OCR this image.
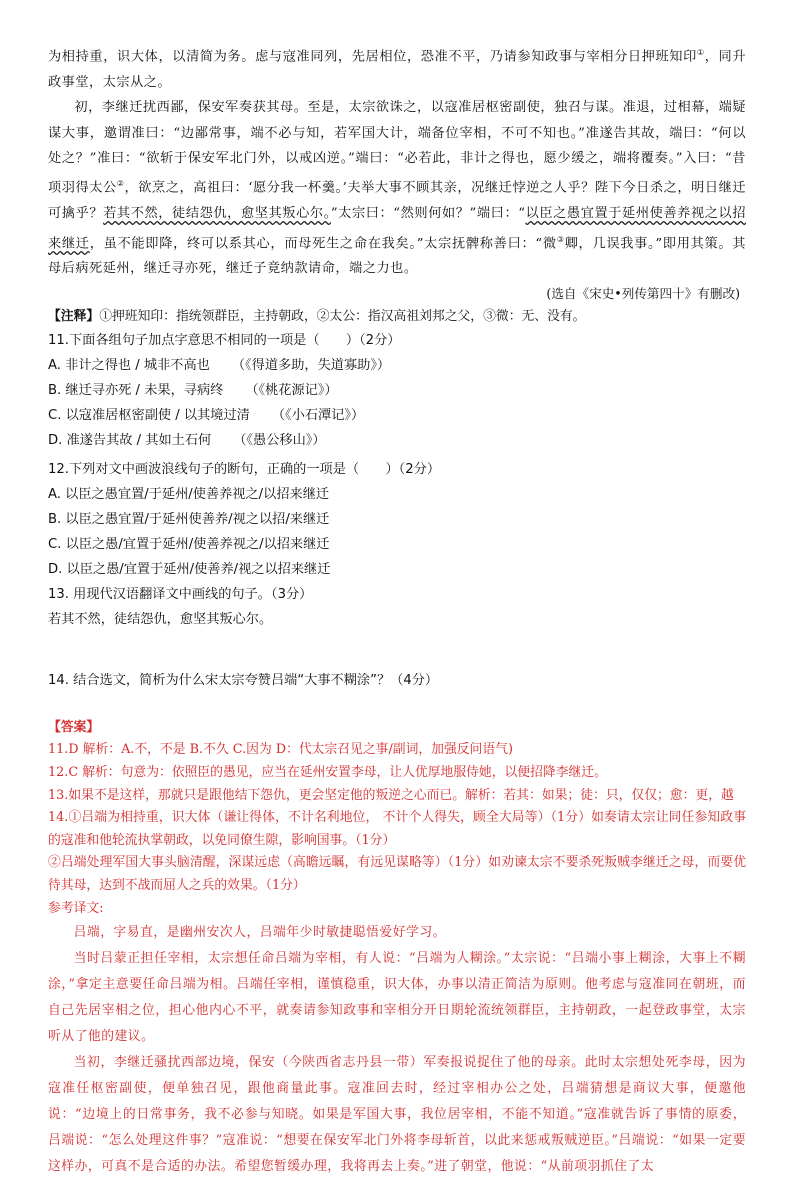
为相持重，识大体，以清简为务。虑与寇准同列，先居相位，恐准不平，乃请参知政事与宰相分日押班知印①，同升政事堂，太宗从之。

初，李继迁扰西鄙，保安军奏获其母。至是，太宗欲诛之，以寇准居枢密副使，独召与谋。准退，过相幕，端疑谋大事，邀谓准曰：“边鄙常事，端不必与知，若军国大计，端备位宰相，不可不知也。”准遂告其故，端曰：“何以处之？”准曰：“欲斩于保安军北门外，以戒凶逆。”端曰：“必若此，非计之得也，愿少缓之，端将覆奏。”入曰：“昔项羽得太公②，欲烹之，高祖曰：‘愿分我一杯羹。’夫举大事不顾其亲，况继迁悖逆之人乎？陛下今日杀之，明日继迁可擒乎？若其不然，徒结怨仇，愈坚其叛心尔。”太宗曰：“然则何如？”端曰：“以臣之愚宜置于延州使善养视之以招来继迁，虽不能即降，终可以系其心，而母死生之命在我矣。”太宗抚髀称善曰：“微③卿，几误我事。”即用其策。其母后病死延州，继迁寻亦死，继迁子竟纳款请命，端之力也。

(选自《宋史•列传第四十》有删改)

【注释】①押班知印：指统领群臣，主持朝政，②太公：指汉高祖刘邦之父，③微：无、没有。

11.下面各组句子加点字意思不相同的一项是（　　）（2分）

A. 非计之得也 / 城非不高也 （《得道多助，失道寡助》）

B. 继迁寻亦死 / 未果，寻病终 （《桃花源记》）

C. 以寇准居枢密副使 / 以其境过清 （《小石潭记》）

D. 准遂告其故 / 其如土石何 （《愚公移山》）

12.下列对文中画波浪线句子的断句，正确的一项是（　　）（2分）

A. 以臣之愚宜置/于延州/使善养视之/以招来继迁

B. 以臣之愚宜置/于延州使善养/视之以招/来继迁

C. 以臣之愚/宜置于延州/使善养视之/以招来继迁

D. 以臣之愚/宜置于延州/使善养/视之以招来继迁

13. 用现代汉语翻译文中画线的句子。（3分）

若其不然，徒结怨仇，愈坚其叛心尔。

14. 结合选文，简析为什么宋太宗夸赞吕端“大事不糊涂”？（4分）

【答案】

11.D 解析：A.不，不是 B.不久 C.因为 D：代太宗召见之事/副词，加强反问语气)

12.C 解析：句意为：依照臣的愚见，应当在延州安置李母，让人优厚地服侍她，以便招降李继迁。

13.如果不是这样，那就只是跟他结下怨仇，更会坚定他的叛逆之心而已。解析：若其：如果；徒：只，仅仅；愈：更，越

14.①吕端为相持重，识大体（谦让得体，不计名利地位， 不计个人得失，顾全大局等）（1分）如奏请太宗让同任参知政事的寇准和他轮流执掌朝政，以免同僚生隙，影响国事。（1分）

②吕端处理军国大事头脑清醒，深谋远虑（高瞻远瞩，有远见谋略等）（1分）如劝谏太宗不要杀死叛贼李继迁之母，而要优待其母，达到不战而屈人之兵的效果。（1分）

参考译文:

吕端，字易直，是幽州安次人，吕端年少时敏捷聪悟爱好学习。

当时吕蒙正担任宰相，太宗想任命吕端为宰相，有人说：“吕端为人糊涂。”太宗说：“吕端小事上糊涂，大事上不糊涂，”拿定主意要任命吕端为相。吕端任宰相，谨慎稳重，识大体，办事以清正简洁为原则。他考虑与寇准同在朝班，而自己先居宰相之位，担心他内心不平，就奏请参知政事和宰相分开日期轮流统领群臣，主持朝政，一起登政事堂，太宗听从了他的建议。

当初，李继迁骚扰西部边境，保安（今陕西省志丹县一带）军奏报说捉住了他的母亲。此时太宗想处死李母，因为寇准任枢密副使，便单独召见，跟他商量此事。寇准回去时，经过宰相办公之处，吕端猜想是商议大事，便邀他说：“边境上的日常事务，我不必参与知晓。如果是军国大事，我位居宰相，不能不知道。”寇准就告诉了事情的原委，吕端说：“怎么处理这件事？”寇准说：“想要在保安军北门外将李母斩首，以此来惩戒叛贼逆臣。”吕端说：“如果一定要这样办，可真不是合适的办法。希望您暂缓办理，我将再去上奏。”进了朝堂，他说：“从前项羽抓住了太
